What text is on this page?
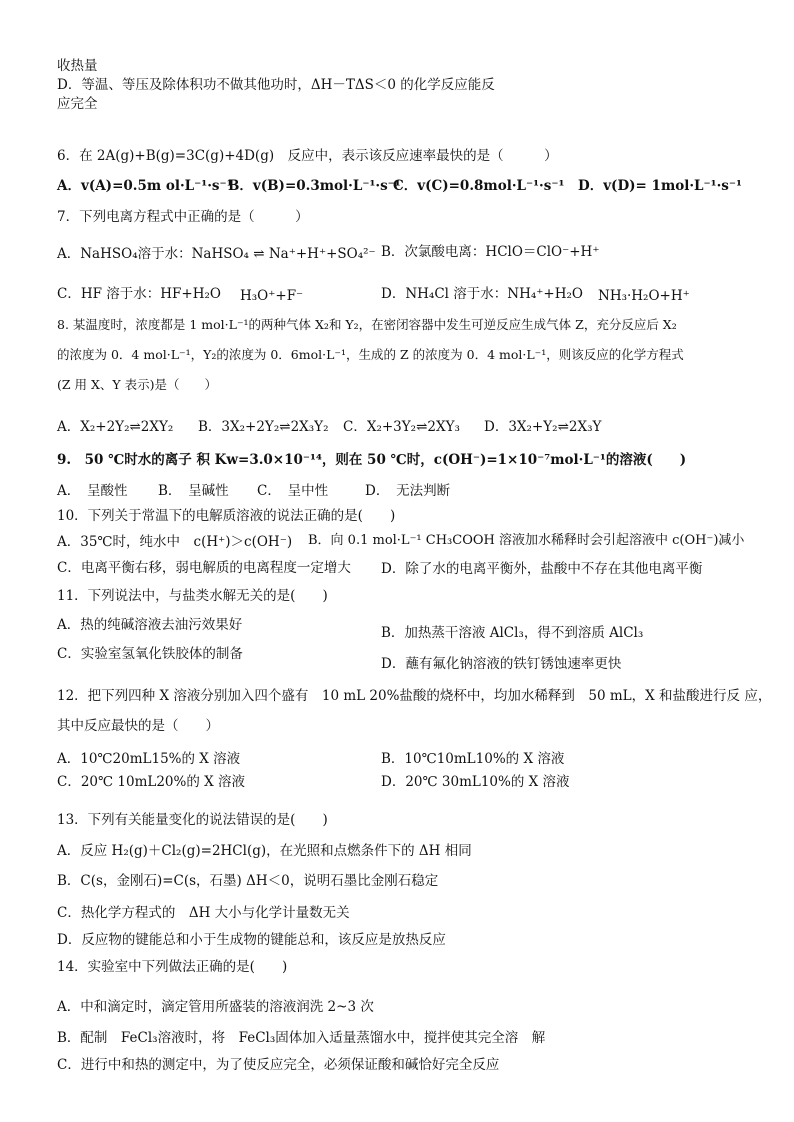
收热量
D．等温、等压及除体积功不做其他功时，ΔH－TΔS＜0 的化学反应能反
应完全
6．在 2A(g)+B(g)=3C(g)+4D(g)　反应中，表示该反应速率最快的是（　　　）
A．v(A)=0.5m ol·L⁻¹·s⁻¹
B．v(B)=0.3mol·L⁻¹·s⁻¹
C．v(C)=0.8mol·L⁻¹·s⁻¹ D．v(D)= 1mol·L⁻¹·s⁻¹
7．下列电离方程式中正确的是（　　　）
A．NaHSO₄溶于水：NaHSO₄ ⇌ Na⁺+H⁺+SO₄²⁻ B．次氯酸电离：HClO＝ClO⁻+H⁺
C．HF 溶于水：HF+H₂O H₃O⁺+F⁻	D．NH₄Cl 溶于水：NH₄⁺+H₂O NH₃·H₂O+H⁺
8. 某温度时，浓度都是 1 mol·L⁻¹的两种气体 X₂和 Y₂，在密闭容器中发生可逆反应生成气体 Z，充分反应后 X₂
的浓度为 0．4 mol·L⁻¹，Y₂的浓度为 0．6mol·L⁻¹，生成的 Z 的浓度为 0．4 mol·L⁻¹，则该反应的化学方程式
(Z 用 X、Y 表示)是（　　）
A．X₂+2Y₂⇌2XY₂ B．3X₂+2Y₂⇌2X₃Y₂ C．X₂+3Y₂⇌2XY₃ D．3X₂+Y₂⇌2X₃Y
9.　50 ℃时水的离子 积 Kw=3.0×10⁻¹⁴，则在 50 ℃时，c(OH⁻)=1×10⁻⁷mol·L⁻¹的溶液(　　)
A．　呈酸性 B．　呈碱性 C．　呈中性	D．　无法判断
10．下列关于常温下的电解质溶液的说法正确的是(　　)
A．35℃时，纯水中　c(H⁺)＞c(OH⁻) B．向 0.1 mol·L⁻¹ CH₃COOH 溶液加水稀释时会引起溶液中 c(OH⁻)减小
C．电离平衡右移，弱电解质的电离程度一定增大 D．除了水的电离平衡外，盐酸中不存在其他电离平衡
11．下列说法中，与盐类水解无关的是(　　)
A．热的纯碱溶液去油污效果好	B．加热蒸干溶液 AlCl₃，得不到溶质 AlCl₃
C．实验室氢氧化铁胶体的制备
D．蘸有氟化钠溶液的铁钉锈蚀速率更快
12．把下列四种 X 溶液分别加入四个盛有　10 mL 20%盐酸的烧杯中，均加水稀释到　50 mL，X 和盐酸进行反 应，
其中反应最快的是（　　）
A．10℃20mL15%的 X 溶液	B．10℃10mL10%的 X 溶液
C．20℃ 10mL20%的 X 溶液	D．20℃ 30mL10%的 X 溶液
13．下列有关能量变化的说法错误的是(　　)
A．反应 H₂(g)＋Cl₂(g)=2HCl(g)，在光照和点燃条件下的 ΔH 相同
B．C(s，金刚石)=C(s，石墨) ΔH＜0，说明石墨比金刚石稳定
C．热化学方程式的　ΔH 大小与化学计量数无关
D．反应物的键能总和小于生成物的键能总和，该反应是放热反应
14．实验室中下列做法正确的是(　　)
A．中和滴定时，滴定管用所盛装的溶液润洗 2~3 次
B．配制　FeCl₃溶液时，将　FeCl₃固体加入适量蒸馏水中，搅拌使其完全溶　解
C．进行中和热的测定中，为了使反应完全，必须保证酸和碱恰好完全反应
